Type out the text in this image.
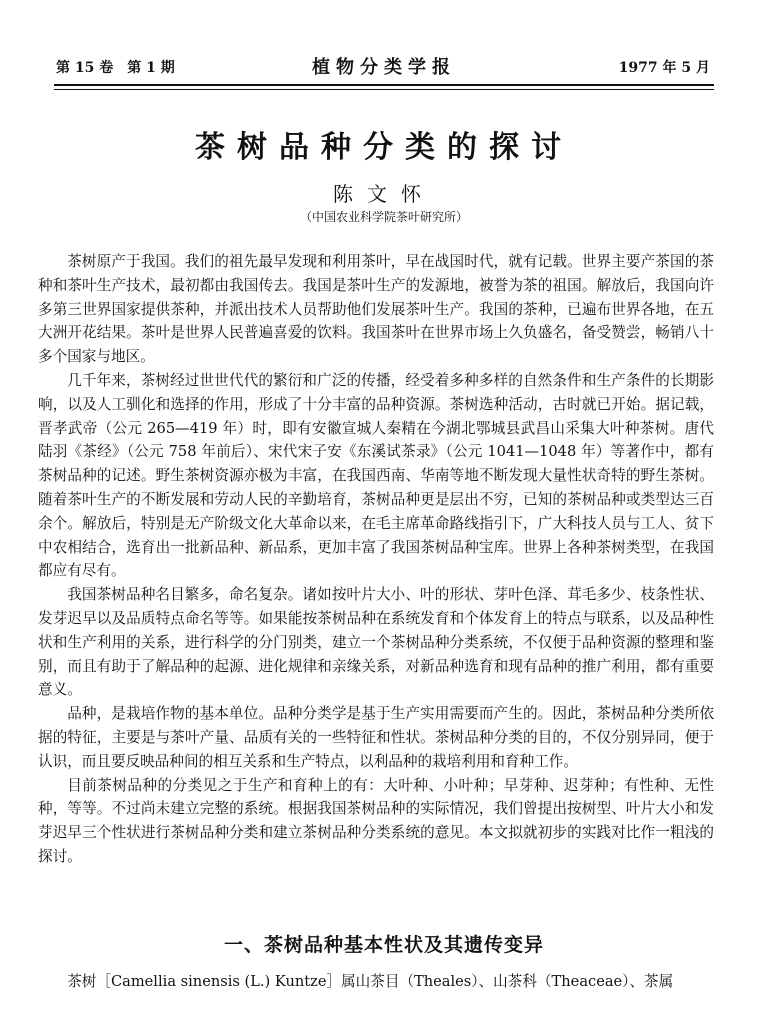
第 15 卷　第 1 期	植物分类学报	1977 年 5 月
茶树品种分类的探讨
陈文怀
（中国农业科学院茶叶研究所）

茶树原产于我国。我们的祖先最早发现和利用茶叶，早在战国时代，就有记载。世界主要产茶国的茶种和茶叶生产技术，最初都由我国传去。我国是茶叶生产的发源地，被誉为茶的祖国。解放后，我国向许多第三世界国家提供茶种，并派出技术人员帮助他们发展茶叶生产。我国的茶种，已遍布世界各地，在五大洲开花结果。茶叶是世界人民普遍喜爱的饮料。我国茶叶在世界市场上久负盛名，备受赞尝，畅销八十多个国家与地区。

几千年来，茶树经过世世代代的繁衍和广泛的传播，经受着多种多样的自然条件和生产条件的长期影响，以及人工驯化和选择的作用，形成了十分丰富的品种资源。茶树选种活动，古时就已开始。据记载，晋孝武帝（公元 265—419 年）时，即有安徽宣城人秦精在今湖北鄂城县武昌山采集大叶种茶树。唐代陆羽《茶经》（公元 758 年前后）、宋代宋子安《东溪试茶录》（公元 1041—1048 年）等著作中，都有茶树品种的记述。野生茶树资源亦极为丰富，在我国西南、华南等地不断发现大量性状奇特的野生茶树。随着茶叶生产的不断发展和劳动人民的辛勤培育，茶树品种更是层出不穷，已知的茶树品种或类型达三百余个。解放后，特别是无产阶级文化大革命以来，在毛主席革命路线指引下，广大科技人员与工人、贫下中农相结合，选育出一批新品种、新品系，更加丰富了我国茶树品种宝库。世界上各种茶树类型，在我国都应有尽有。

我国茶树品种名目繁多，命名复杂。诸如按叶片大小、叶的形状、芽叶色泽、茸毛多少、枝条性状、发芽迟早以及品质特点命名等等。如果能按茶树品种在系统发育和个体发育上的特点与联系，以及品种性状和生产利用的关系，进行科学的分门别类，建立一个茶树品种分类系统，不仅便于品种资源的整理和鉴别，而且有助于了解品种的起源、进化规律和亲缘关系，对新品种选育和现有品种的推广利用，都有重要意义。

品种，是栽培作物的基本单位。品种分类学是基于生产实用需要而产生的。因此，茶树品种分类所依据的特征，主要是与茶叶产量、品质有关的一些特征和性状。茶树品种分类的目的，不仅分别异同，便于认识，而且要反映品种间的相互关系和生产特点，以利品种的栽培利用和育种工作。

目前茶树品种的分类见之于生产和育种上的有：大叶种、小叶种；早芽种、迟芽种；有性种、无性种，等等。不过尚未建立完整的系统。根据我国茶树品种的实际情况，我们曾提出按树型、叶片大小和发芽迟早三个性状进行茶树品种分类和建立茶树品种分类系统的意见。本文拟就初步的实践对比作一粗浅的探讨。

一、茶树品种基本性状及其遗传变异
茶树［Camellia sinensis (L.) Kuntze］属山茶目（Theales）、山茶科（Theaceae）、茶属
